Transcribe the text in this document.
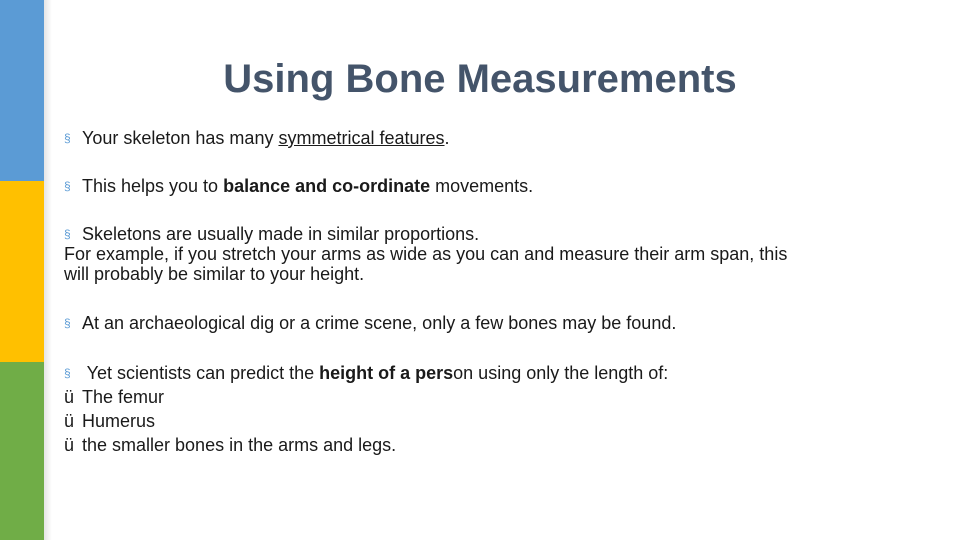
Using Bone Measurements

§ Your skeleton has many symmetrical features.

§ This helps you to balance and co-ordinate movements.

§ Skeletons are usually made in similar proportions.
For example, if you stretch your arms as wide as you can and measure their arm span, this
will probably be similar to your height.

§ At an archaeological dig or a crime scene, only a few bones may be found.

§ Yet scientists can predict the height of a person using only the length of:
ü The femur
ü Humerus
ü the smaller bones in the arms and legs.
